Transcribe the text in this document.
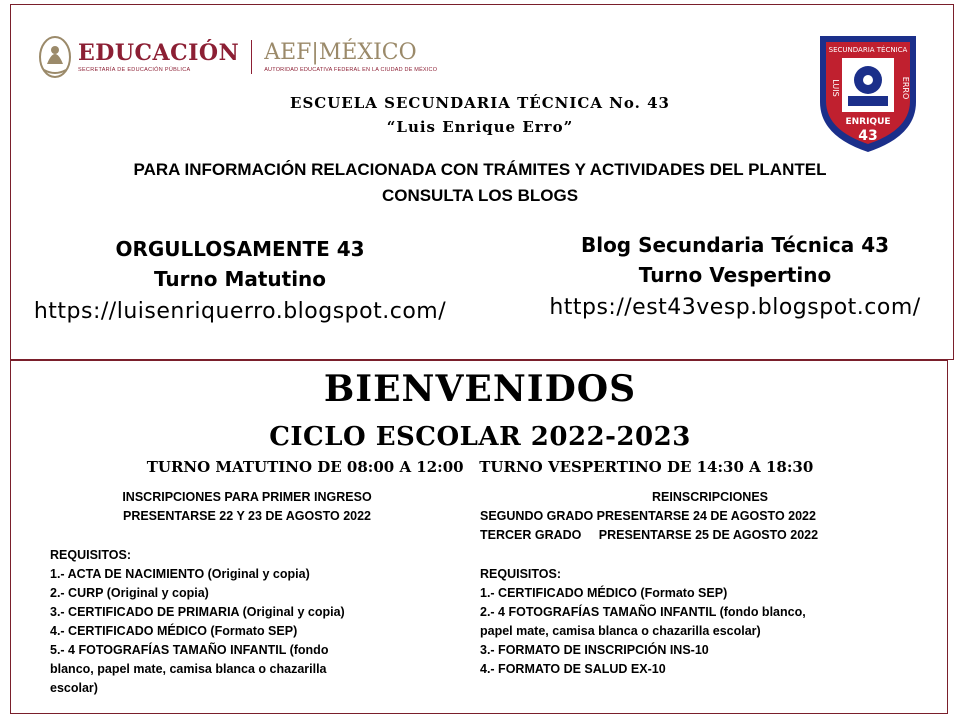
EDUCACIÓN
SECRETARÍA DE EDUCACIÓN PÚBLICA
AEF|MÉXICO
AUTORIDAD EDUCATIVA FEDERAL EN LA CIUDAD DE MÉXICO
SECUNDARIA TÉCNICA
LUIS	ERRO
ENRIQUE
43
ESCUELA SECUNDARIA TÉCNICA No. 43
“Luis Enrique Erro”
PARA INFORMACIÓN RELACIONADA CON TRÁMITES Y ACTIVIDADES DEL PLANTEL
CONSULTA LOS BLOGS
ORGULLOSAMENTE 43
Turno Matutino
https://luisenriquerro.blogspot.com/
Blog Secundaria Técnica 43
Turno Vespertino
https://est43vesp.blogspot.com/
BIENVENIDOS
CICLO ESCOLAR 2022-2023
TURNO MATUTINO DE 08:00 A 12:00   TURNO VESPERTINO DE 14:30 A 18:30
INSCRIPCIONES PARA PRIMER INGRESO
PRESENTARSE 22 Y 23 DE AGOSTO 2022
REQUISITOS:
1.- ACTA DE NACIMIENTO (Original y copia)
2.- CURP (Original y copia)
3.- CERTIFICADO DE PRIMARIA (Original y copia)
4.- CERTIFICADO MÉDICO (Formato SEP)
5.- 4 FOTOGRAFÍAS TAMAÑO INFANTIL (fondo
blanco, papel mate, camisa blanca o chazarilla
escolar)
REINSCRIPCIONES
SEGUNDO GRADO PRESENTARSE 24 DE AGOSTO 2022
TERCER GRADO     PRESENTARSE 25 DE AGOSTO 2022
REQUISITOS:
1.- CERTIFICADO MÉDICO (Formato SEP)
2.- 4 FOTOGRAFÍAS TAMAÑO INFANTIL (fondo blanco,
papel mate, camisa blanca o chazarilla escolar)
3.- FORMATO DE INSCRIPCIÓN INS-10
4.- FORMATO DE SALUD EX-10
